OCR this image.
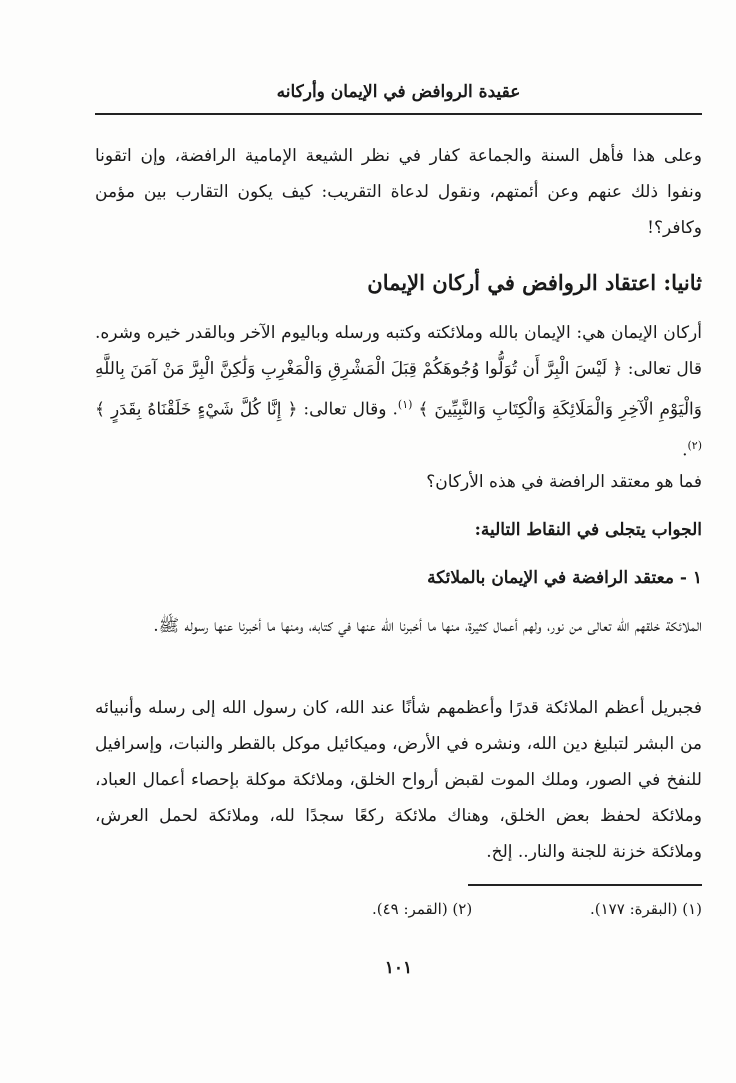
عقيدة الروافض في الإيمان وأركانه

وعلى هذا فأهل السنة والجماعة كفار في نظر الشيعة الإمامية الرافضة، وإن اتقونا ونفوا ذلك عنهم وعن أئمتهم، ونقول لدعاة التقريب: كيف يكون التقارب بين مؤمن وكافر؟!

ثانيا: اعتقاد الروافض في أركان الإيمان

أركان الإيمان هي: الإيمان بالله وملائكته وكتبه ورسله وباليوم الآخر وبالقدر خيره وشره. قال تعالى: ﴿ لَيْسَ الْبِرَّ أَن تُوَلُّوا وُجُوهَكُمْ قِبَلَ الْمَشْرِقِ وَالْمَغْرِبِ وَلَٰكِنَّ الْبِرَّ مَنْ آمَنَ بِاللَّهِ وَالْيَوْمِ الْآخِرِ وَالْمَلَائِكَةِ وَالْكِتَابِ وَالنَّبِيِّينَ ﴾ $^{(١)}$. وقال تعالى: ﴿ إِنَّا كُلَّ شَيْءٍ خَلَقْنَاهُ بِقَدَرٍ ﴾ $^{(٢)}$.

فما هو معتقد الرافضة في هذه الأركان؟

الجواب يتجلى في النقاط التالية:
١ - معتقد الرافضة في الإيمان بالملائكة

الملائكة خلقهم الله تعالى من نور، ولهم أعمال كثيرة، منها ما أخبرنا الله عنها في كتابه، ومنها ما أخبرنا عنها رسوله ﷺ.

فجبريل أعظم الملائكة قدرًا وأعظمهم شأنًا عند الله، كان رسول الله إلى رسله وأنبيائه من البشر لتبليغ دين الله، ونشره في الأرض، وميكائيل موكل بالقطر والنبات، وإسرافيل للنفخ في الصور، وملك الموت لقبض أرواح الخلق، وملائكة موكلة بإحصاء أعمال العباد، وملائكة لحفظ بعض الخلق، وهناك ملائكة ركعًا سجدًا لله، وملائكة لحمل العرش، وملائكة خزنة للجنة والنار.. إلخ.

(١) (البقرة: ١٧٧). (٢) (القمر: ٤٩).
١٠١
